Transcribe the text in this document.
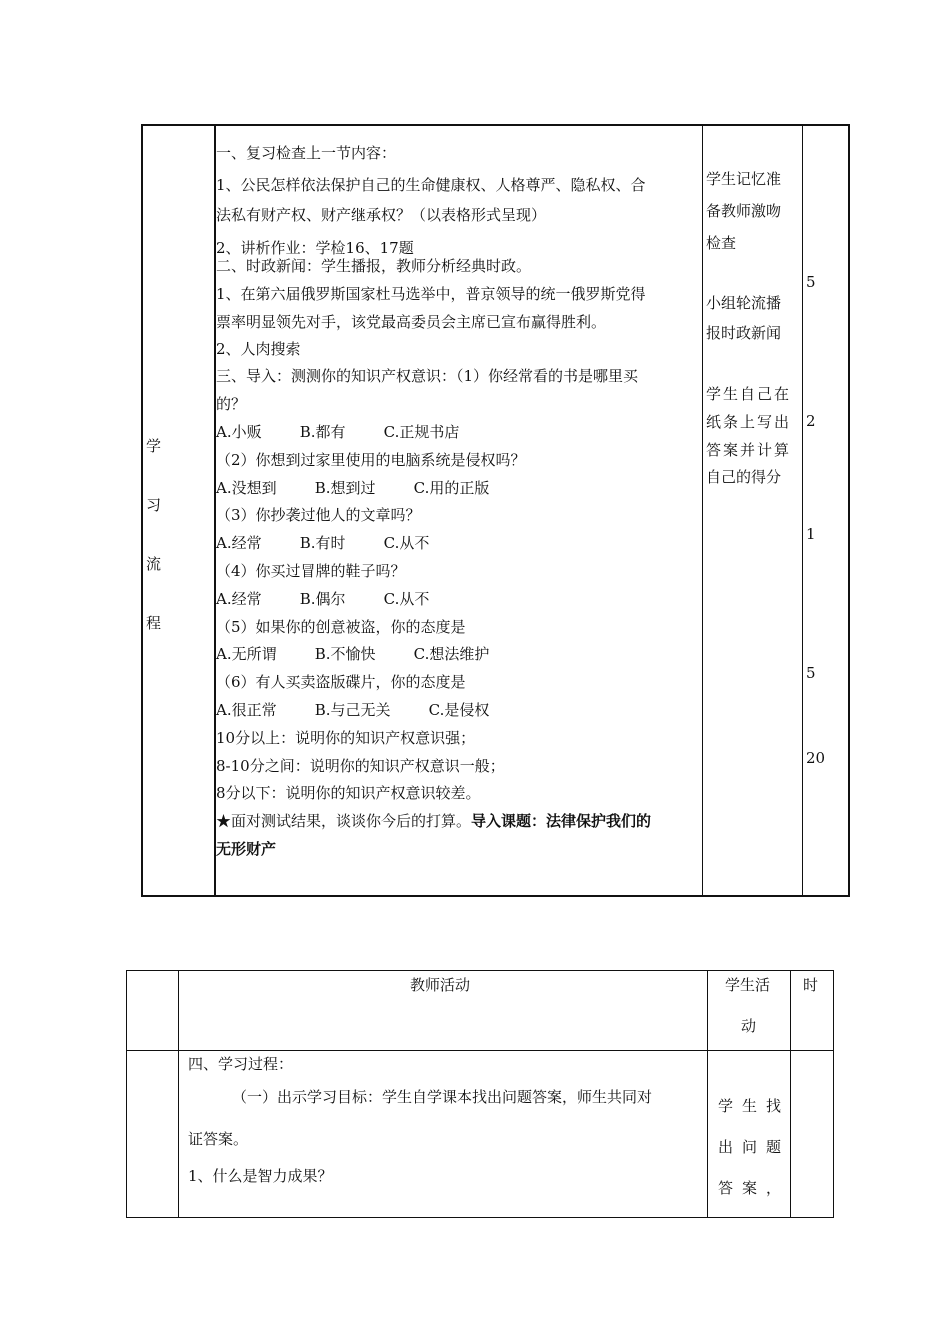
学
习
流
程
一、复习检查上一节内容：
1、公民怎样依法保护自己的生命健康权、人格尊严、隐私权、合
法私有财产权、财产继承权？（以表格形式呈现）
2、讲析作业：学检16、17题
二、时政新闻：学生播报，教师分析经典时政。
1、在第六届俄罗斯国家杜马选举中，普京领导的统一俄罗斯党得
票率明显领先对手，该党最高委员会主席已宣布赢得胜利。
2、人肉搜索
三、导入：测测你的知识产权意识：（1）你经常看的书是哪里买
的？
A.小贩        B.都有        C.正规书店
（2）你想到过家里使用的电脑系统是侵权吗？
A.没想到        B.想到过        C.用的正版
（3）你抄袭过他人的文章吗？
A.经常        B.有时        C.从不
（4）你买过冒牌的鞋子吗？
A.经常        B.偶尔        C.从不
（5）如果你的创意被盗，你的态度是
A.无所谓        B.不愉快        C.想法维护
（6）有人买卖盗版碟片，你的态度是
A.很正常        B.与己无关        C.是侵权
10分以上：说明你的知识产权意识强；
8-10分之间：说明你的知识产权意识一般；
8分以下：说明你的知识产权意识较差。
★面对测试结果，谈谈你今后的打算。导入课题：法律保护我们的
无形财产
学生记忆准
备教师激吻
检查
小组轮流播
报时政新闻
学生自己在
纸条上写出
答案并计算
自己的得分
5
2
1
5
20
教师活动	学生活
动
时
四、学习过程：
（一）出示学习目标：学生自学课本找出问题答案，师生共同对
证答案。
1、什么是智力成果？
学生找
出问题
答案，
